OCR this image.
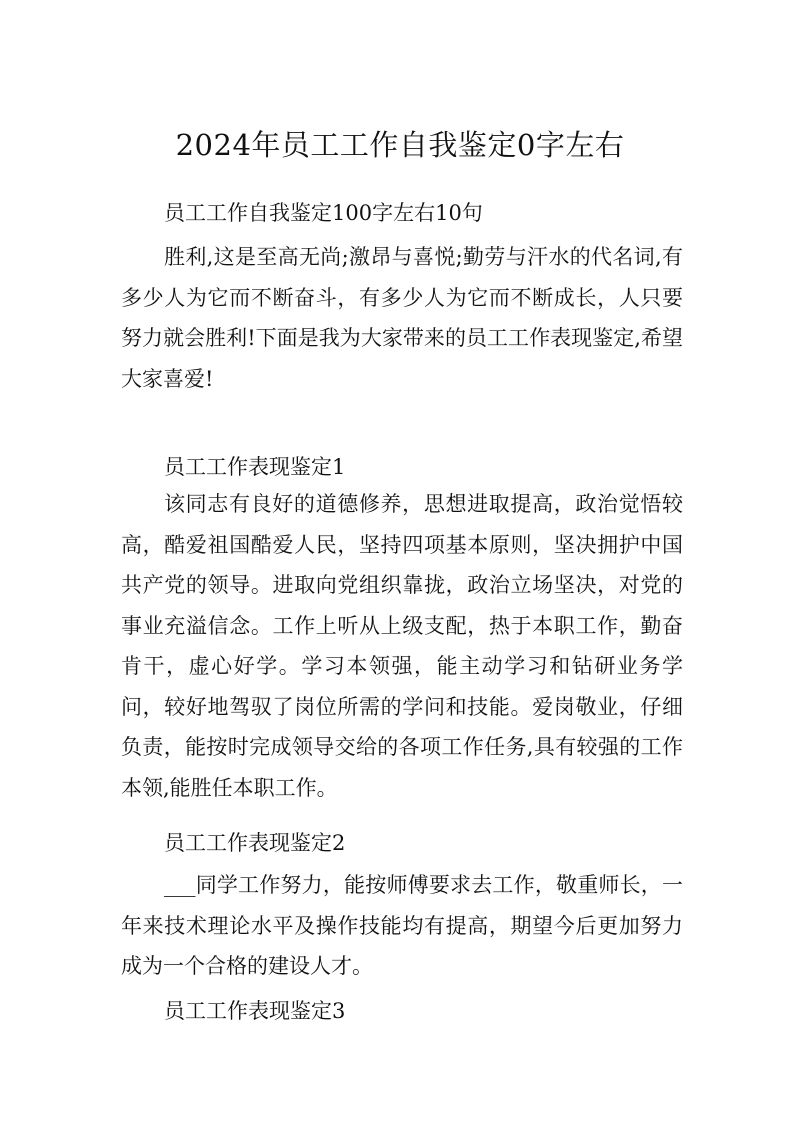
2024年员工工作自我鉴定0字左右

员工工作自我鉴定100字左右10句

胜利,这是至高无尚;激昂与喜悦;勤劳与汗水的代名词,有多少人为它而不断奋斗，有多少人为它而不断成长，人只要努力就会胜利!下面是我为大家带来的员工工作表现鉴定,希望大家喜爱!

员工工作表现鉴定1

该同志有良好的道德修养，思想进取提高，政治觉悟较高，酷爱祖国酷爱人民，坚持四项基本原则，坚决拥护中国共产党的领导。进取向党组织靠拢，政治立场坚决，对党的事业充溢信念。工作上听从上级支配，热于本职工作，勤奋肯干，虚心好学。学习本领强，能主动学习和钻研业务学问，较好地驾驭了岗位所需的学问和技能。爱岗敬业，仔细负责，能按时完成领导交给的各项工作任务,具有较强的工作本领,能胜任本职工作。

员工工作表现鉴定2

___同学工作努力，能按师傅要求去工作，敬重师长，一年来技术理论水平及操作技能均有提高，期望今后更加努力成为一个合格的建设人才。

员工工作表现鉴定3
